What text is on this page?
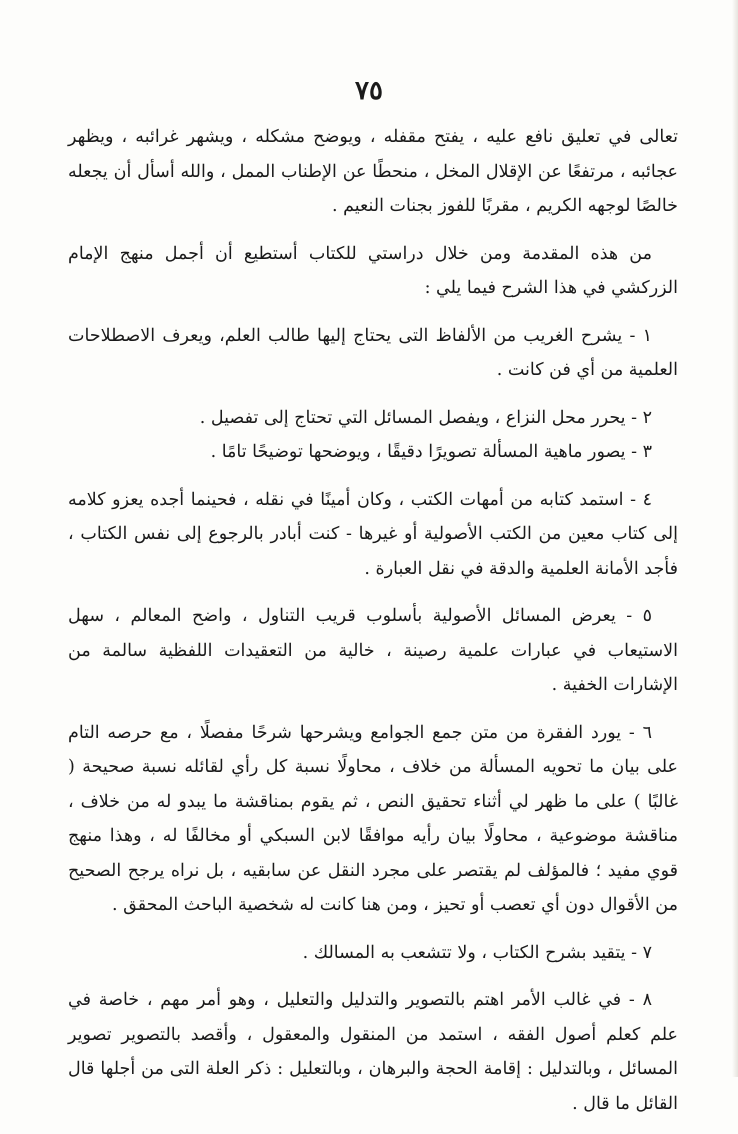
٧٥

تعالى في تعليق نافع عليه ، يفتح مقفله ، ويوضح مشكله ، ويشهر غرائبه ، ويظهر عجائبه ، مرتفعًا عن الإقلال المخل ، منحطًا عن الإطناب الممل ، والله أسأل أن يجعله خالصًا لوجهه الكريم ، مقربًا للفوز بجنات النعيم .

من هذه المقدمة ومن خلال دراستي للكتاب أستطيع أن أجمل منهج الإمام الزركشي في هذا الشرح فيما يلي :

١ - يشرح الغريب من الألفاظ التى يحتاج إليها طالب العلم، ويعرف الاصطلاحات العلمية من أي فن كانت .

٢ - يحرر محل النزاع ، ويفصل المسائل التي تحتاج إلى تفصيل .

٣ - يصور ماهية المسألة تصويرًا دقيقًا ، ويوضحها توضيحًا تامًا .

٤ - استمد كتابه من أمهات الكتب ، وكان أمينًا في نقله ، فحينما أجده يعزو كلامه إلى كتاب معين من الكتب الأصولية أو غيرها - كنت أبادر بالرجوع إلى نفس الكتاب ، فأجد الأمانة العلمية والدقة في نقل العبارة .

٥ - يعرض المسائل الأصولية بأسلوب قريب التناول ، واضح المعالم ، سهل الاستيعاب في عبارات علمية رصينة ، خالية من التعقيدات اللفظية سالمة من الإشارات الخفية .

٦ - يورد الفقرة من متن جمع الجوامع ويشرحها شرحًا مفصلًا ، مع حرصه التام على بيان ما تحويه المسألة من خلاف ، محاولًا نسبة كل رأي لقائله نسبة صحيحة ( غالبًا ) على ما ظهر لي أثناء تحقيق النص ، ثم يقوم بمناقشة ما يبدو له من خلاف ، مناقشة موضوعية ، محاولًا بيان رأيه موافقًا لابن السبكي أو مخالفًا له ، وهذا منهج قوي مفيد ؛ فالمؤلف لم يقتصر على مجرد النقل عن سابقيه ، بل نراه يرجح الصحيح من الأقوال دون أي تعصب أو تحيز ، ومن هنا كانت له شخصية الباحث المحقق .

٧ - يتقيد بشرح الكتاب ، ولا تتشعب به المسالك .

٨ - في غالب الأمر اهتم بالتصوير والتدليل والتعليل ، وهو أمر مهم ، خاصة في علم كعلم أصول الفقه ، استمد من المنقول والمعقول ، وأقصد بالتصوير تصوير المسائل ، وبالتدليل : إقامة الحجة والبرهان ، وبالتعليل : ذكر العلة التى من أجلها قال القائل ما قال .
